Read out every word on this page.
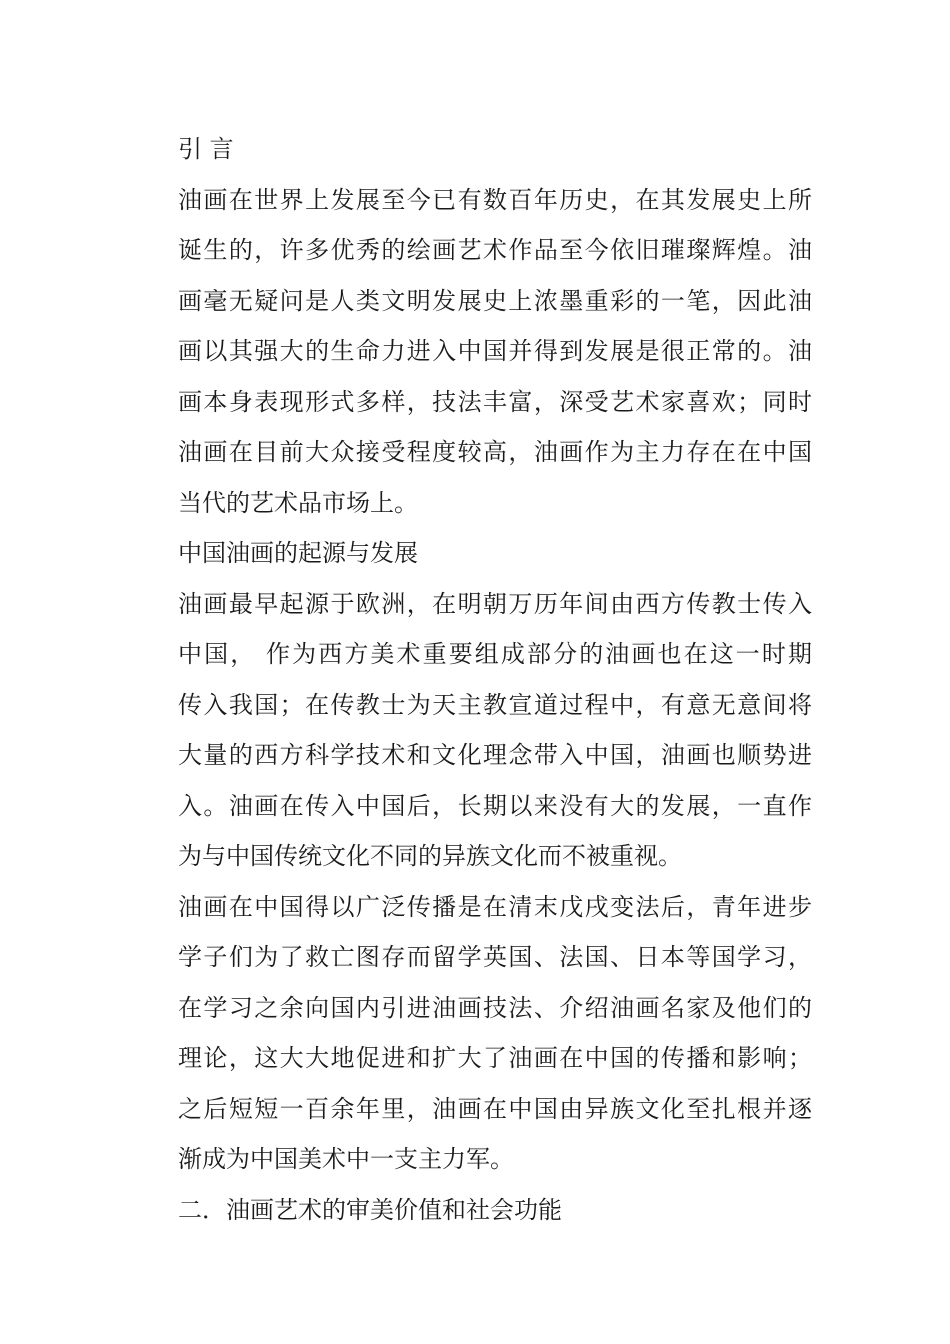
引 言
油画在世界上发展至今已有数百年历史，在其发展史上所
诞生的，许多优秀的绘画艺术作品至今依旧璀璨辉煌。油
画毫无疑问是人类文明发展史上浓墨重彩的一笔，因此油
画以其强大的生命力进入中国并得到发展是很正常的。油
画本身表现形式多样，技法丰富，深受艺术家喜欢；同时
油画在目前大众接受程度较高，油画作为主力存在在中国
当代的艺术品市场上。
中国油画的起源与发展
油画最早起源于欧洲，在明朝万历年间由西方传教士传入
中国， 作为西方美术重要组成部分的油画也在这一时期
传入我国；在传教士为天主教宣道过程中，有意无意间将
大量的西方科学技术和文化理念带入中国，油画也顺势进
入。油画在传入中国后，长期以来没有大的发展，一直作
为与中国传统文化不同的异族文化而不被重视。
油画在中国得以广泛传播是在清末戊戌变法后，青年进步
学子们为了救亡图存而留学英国、法国、日本等国学习，
在学习之余向国内引进油画技法、介绍油画名家及他们的
理论，这大大地促进和扩大了油画在中国的传播和影响；
之后短短一百余年里，油画在中国由异族文化至扎根并逐
渐成为中国美术中一支主力军。
二．油画艺术的审美价值和社会功能
